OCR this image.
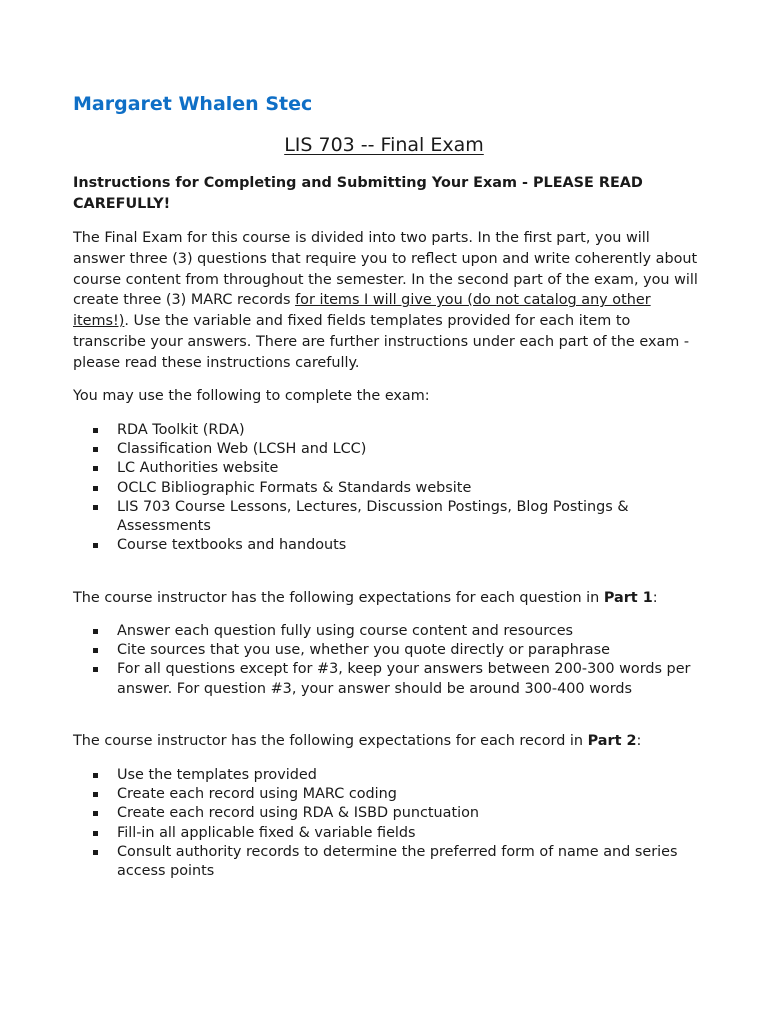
Margaret Whalen Stec
LIS 703 -- Final Exam

Instructions for Completing and Submitting Your Exam - PLEASE READ CAREFULLY!

The Final Exam for this course is divided into two parts. In the first part, you will answer three (3) questions that require you to reflect upon and write coherently about course content from throughout the semester. In the second part of the exam, you will create three (3) MARC records for items I will give you (do not catalog any other items!). Use the variable and fixed fields templates provided for each item to transcribe your answers. There are further instructions under each part of the exam - please read these instructions carefully.

You may use the following to complete the exam:

RDA Toolkit (RDA)
Classification Web (LCSH and LCC)
LC Authorities website
OCLC Bibliographic Formats & Standards website
LIS 703 Course Lessons, Lectures, Discussion Postings, Blog Postings & Assessments
Course textbooks and handouts

The course instructor has the following expectations for each question in Part 1:

Answer each question fully using course content and resources
Cite sources that you use, whether you quote directly or paraphrase
For all questions except for #3, keep your answers between 200-300 words per answer. For question #3, your answer should be around 300-400 words

The course instructor has the following expectations for each record in Part 2:

Use the templates provided
Create each record using MARC coding
Create each record using RDA & ISBD punctuation
Fill-in all applicable fixed & variable fields
Consult authority records to determine the preferred form of name and series access points
